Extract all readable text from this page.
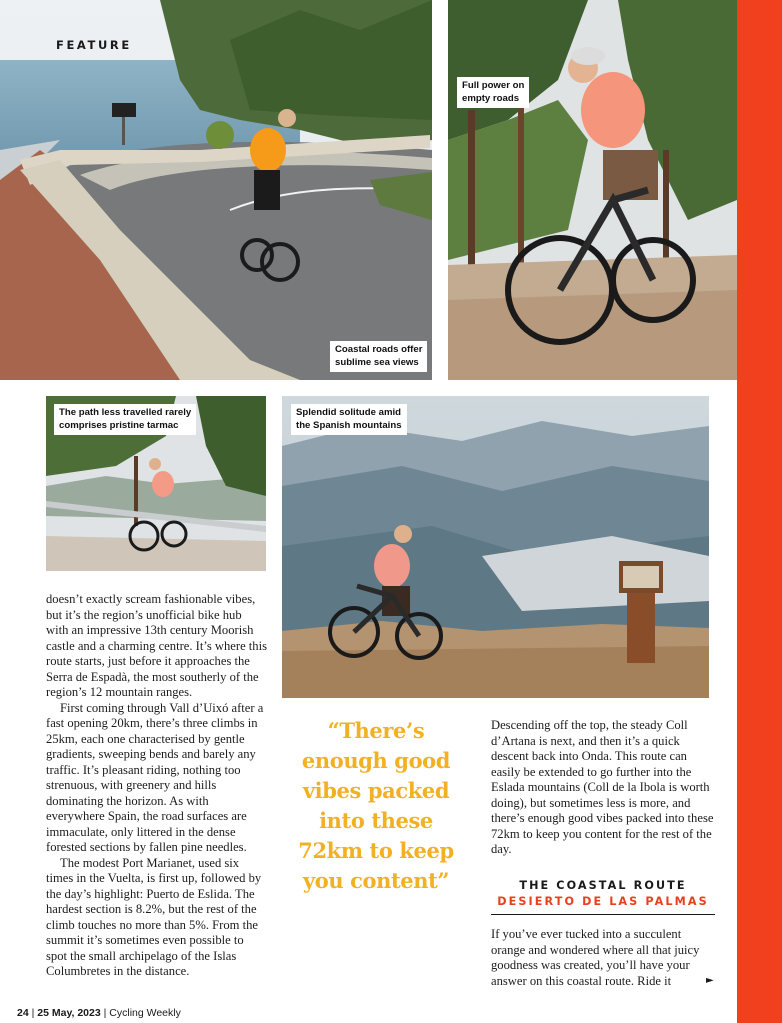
FEATURE
Coastal roads offer
sublime sea views
Full power on
empty roads
The path less travelled rarely
comprises pristine tarmac
Splendid solitude amid
the Spanish mountains

doesn’t exactly scream fashionable vibes, but it’s the region’s unofficial bike hub with an impressive 13th century Moorish castle and a charming centre. It’s where this route starts, just before it approaches the Serra de Espadà, the most southerly of the region’s 12 mountain ranges.

First coming through Vall d’Uixó after a fast opening 20km, there’s three climbs in 25km, each one characterised by gentle gradients, sweeping bends and barely any traffic. It’s pleasant riding, nothing too strenuous, with greenery and hills dominating the horizon. As with everywhere Spain, the road surfaces are immaculate, only littered in the dense forested sections by fallen pine needles.

The modest Port Marianet, used six times in the Vuelta, is first up, followed by the day’s highlight: Puerto de Eslida. The hardest section is 8.2%, but the rest of the climb touches no more than 5%. From the summit it’s sometimes even possible to spot the small archipelago of the Islas Columbretes in the distance.

“There’s enough good vibes packed into these 72km to keep you content”

Descending off the top, the steady Coll d’Artana is next, and then it’s a quick descent back into Onda. This route can easily be extended to go further into the Eslada mountains (Coll de la Ibola is worth doing), but sometimes less is more, and there’s enough good vibes packed into these 72km to keep you content for the rest of the day.

THE COASTAL ROUTE
DESIERTO DE LAS PALMAS

If you’ve ever tucked into a succulent orange and wondered where all that juicy goodness was created, you’ll have your answer on this coastal route. Ride it	►
24 | 25 May, 2023 | Cycling Weekly
